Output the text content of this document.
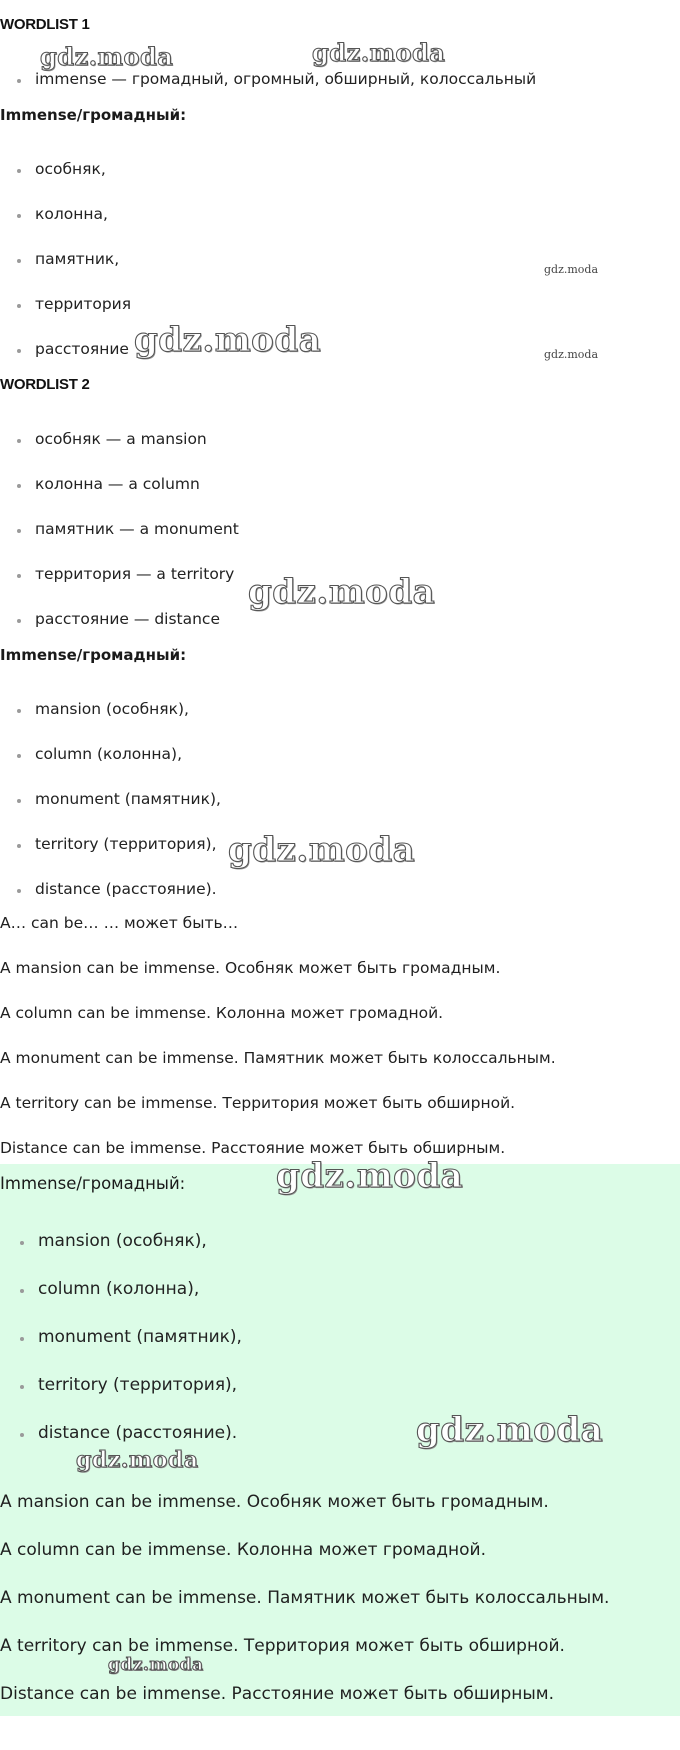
WORDLIST 1
immense — громадный, огромный, обширный, колоссальный
Immense/громадный:
особняк,
колонна,
памятник,
территория
расстояние
WORDLIST 2
особняк — a mansion
колонна — a column
памятник — a monument
территория — a territory
расстояние — distance
Immense/громадный:
mansion (особняк),
column (колонна),
monument (памятник),
territory (территория),
distance (расстояние).
A… can be… … может быть…
A mansion can be immense. Особняк может быть громадным.
A column can be immense. Колонна может громадной.
A monument can be immense. Памятник может быть колоссальным.
A territory can be immense. Территория может быть обширной.
Distance can be immense. Расстояние может быть обширным.
Immense/громадный:
mansion (особняк),
column (колонна),
monument (памятник),
territory (территория),
distance (расстояние).
A mansion can be immense. Особняк может быть громадным.
A column can be immense. Колонна может громадной.
A monument can be immense. Памятник может быть колоссальным.
A territory can be immense. Территория может быть обширной.
Distance can be immense. Расстояние может быть обширным.
gdz.moda	gdz.moda
gdz.moda
gdz.moda	gdz.moda
gdz.moda
gdz.moda
gdz.moda
gdz.moda
gdz.moda
gdz.moda
